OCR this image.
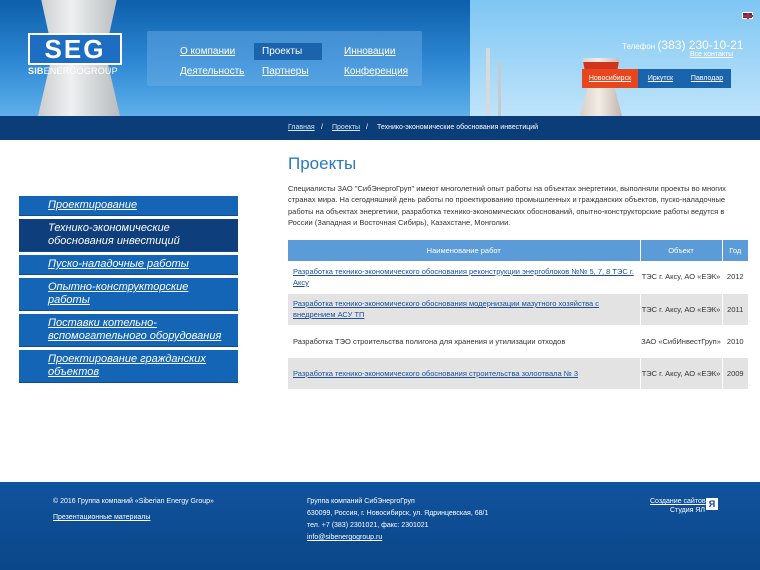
SEG
SIBENERGOGROUP
О компании	Проекты	Инновации
Деятельность Партнеры	Конференция
Телефон (383) 230-10-21
Все контакты
Новосибирск	Иркутск	Павлодар
Главная / Проекты / Технико-экономические обоснования инвестиций
Проектирование
Технико-экономические обоснования инвестиций
Пуско-наладочные работы
Опытно-конструкторские работы
Поставки котельно-вспомогательного оборудования
Проектирование гражданских объектов
Проекты

Специалисты ЗАО "СибЭнергоГруп" имеют многолетний опыт работы на объектах энергетики, выполняли проекты во многих странах мира. На сегодняшний день работы по проектированию промышленных и гражданских объектов, пуско-наладочные работы на объектах энергетики, разработка технико-экономических обоснований, опытно-конструкторские работы ведутся в России (Западная и Восточная Сибирь), Казахстане, Монголии.

Наименование работ	Объект	Год
Разработка технико-экономического обоснования реконструкции энергоблоков №№ 5, 7, 8 ТЭС г. Аксу	ТЭС г. Аксу, АО «ЕЭК»	2012
Разработка технико-экономического обоснования модернизации мазутного хозяйства с внедрением АСУ ТП	ТЭС г. Аксу, АО «ЕЭК»	2011
Разработка ТЭО строительства полигона для хранения и утилизации отходов	ЗАО «СибИнвестГруп»	2010
Разработка технико-экономического обоснования строительства золоотвала № 3	ТЭС г. Аксу, АО «ЕЭК»	2009
© 2016 Группа компаний «Siberian Energy Group»
Презентационные материалы
Группа компаний СибЭнергоГруп
630099, Россия, г. Новосибирск, ул. Ядринцевская, 68/1
тел. +7 (383) 2301021, факс: 2301021
info@sibenergogroup.ru
Создание сайтов
Студия ЯЛ
Я
